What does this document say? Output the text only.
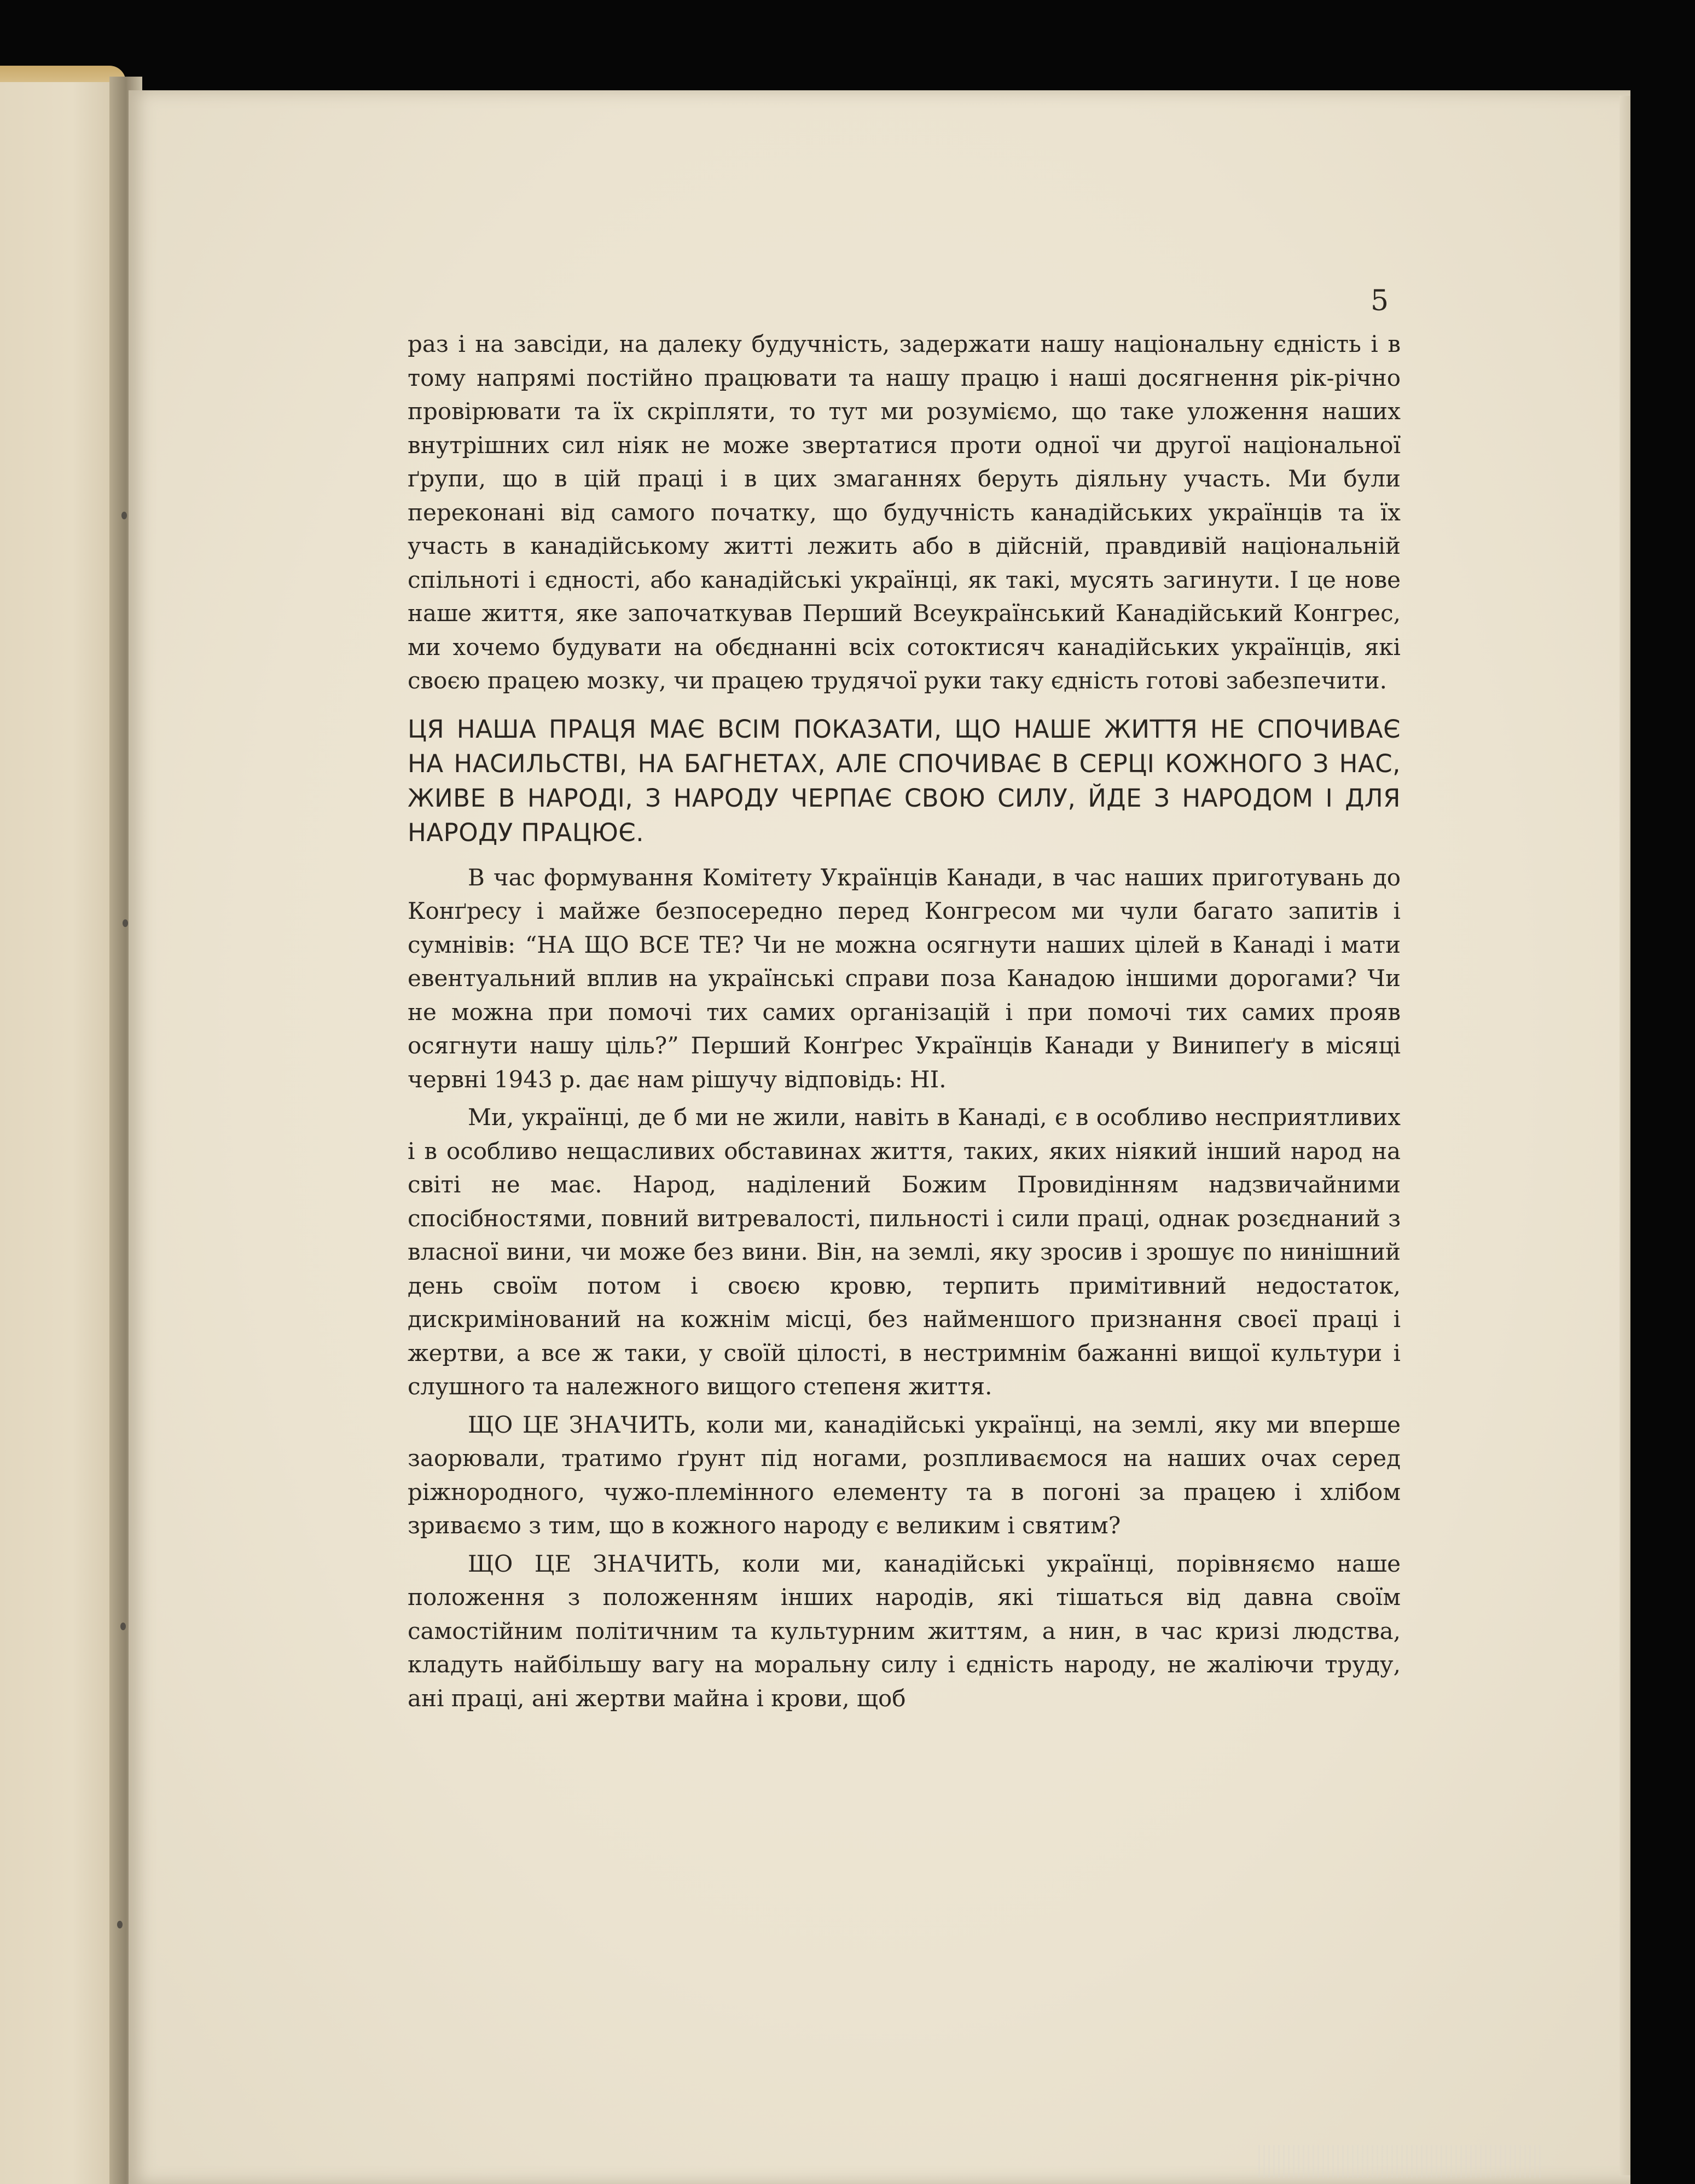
5

раз і на завсіди, на далеку будучність, задержати нашу національну єдність і в тому напрямі постійно працювати та нашу працю і наші досягнення рік-річно провірювати та їх скріпляти, то тут ми розуміємо, що таке уложення наших внутрішних сил ніяк не може звертатися проти одної чи другої національної ґрупи, що в цій праці і в цих змаганнях беруть діяльну участь. Ми були переконані від самого початку, що будучність канадійських українців та їх участь в канадійському житті лежить або в дійсній, правдивій національній спільноті і єдності, або канадійські українці, як такі, мусять загинути. І це нове наше життя, яке започаткував Перший Всеукраїнський Канадійський Конгрес, ми хочемо будувати на обєднанні всіх сотоктисяч канадійських українців, які своєю працею мозку, чи працею трудячої руки таку єдність готові забезпечити.

ЦЯ НАША ПРАЦЯ МАЄ ВСІМ ПОКАЗАТИ, ЩО НАШЕ ЖИТТЯ НЕ СПОЧИВАЄ НА НАСИЛЬСТВІ, НА БАГНЕТАХ, АЛЕ СПОЧИВАЄ В СЕРЦІ КОЖНОГО З НАС, ЖИВЕ В НАРОДІ, З НАРОДУ ЧЕРПАЄ СВОЮ СИЛУ, ЙДЕ З НАРОДОМ І ДЛЯ НАРОДУ ПРАЦЮЄ.

В час формування Комітету Українців Канади, в час наших приготувань до Конґресу і майже безпосередно перед Конгресом ми чули багато запитів і сумнівів: “НА ЩО ВСЕ ТЕ? Чи не можна осягнути наших цілей в Канаді і мати евентуальний вплив на українські справи поза Канадою іншими дорогами? Чи не можна при помочі тих самих організацій і при помочі тих самих прояв осягнути нашу ціль?” Перший Конґрес Українців Канади у Винипеґу в місяці червні 1943 р. дає нам рішучу відповідь: НІ.

Ми, українці, де б ми не жили, навіть в Канаді, є в особливо несприятливих і в особливо нещасливих обставинах життя, таких, яких ніякий інший народ на світі не має. Народ, наділений Божим Провидінням надзвичайними спосібностями, повний витревалості, пильності і сили праці, однак розєднаний з власної вини, чи може без вини. Він, на землі, яку зросив і зрошує по нинішний день своїм потом і своєю кровю, терпить примітивний недостаток, дискримінований на кожнім місці, без найменшого признання своєї праці і жертви, а все ж таки, у своїй цілості, в нестримнім бажанні вищої культури і слушного та належного вищого степеня життя.

ЩО ЦЕ ЗНАЧИТЬ, коли ми, канадійські українці, на землі, яку ми вперше заорювали, тратимо ґрунт під ногами, розпливаємося на наших очах серед ріжнородного, чужо-племінного елементу та в погоні за працею і хлібом зриваємо з тим, що в кожного народу є великим і святим?

ЩО ЦЕ ЗНАЧИТЬ, коли ми, канадійські українці, порівняємо наше положення з положенням інших народів, які тішаться від давна своїм самостійним політичним та культурним життям, а нин, в час кризі людства, кладуть найбільшу вагу на моральну силу і єдність народу, не жаліючи труду, ані праці, ані жертви майна і крови, щоб
